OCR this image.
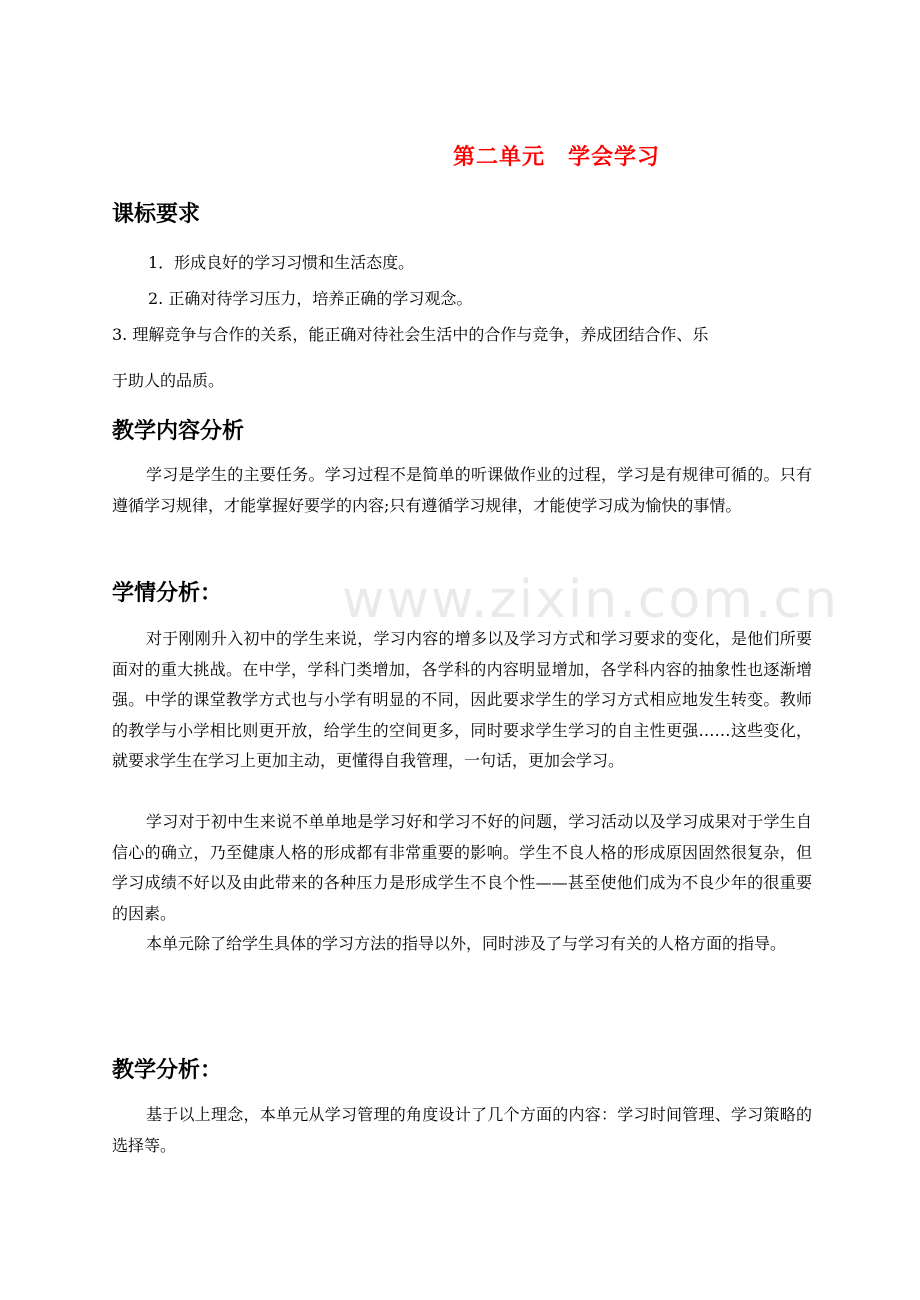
第二单元　学会学习
课标要求

1．形成良好的学习习惯和生活态度。

2. 正确对待学习压力，培养正确的学习观念。

3. 理解竞争与合作的关系，能正确对待社会生活中的合作与竞争，养成团结合作、乐

于助人的品质。

教学内容分析

学习是学生的主要任务。学习过程不是简单的听课做作业的过程，学习是有规律可循的。只有遵循学习规律，才能掌握好要学的内容;只有遵循学习规律，才能使学习成为愉快的事情。

学情分析： www.zixin.com.cn

对于刚刚升入初中的学生来说，学习内容的增多以及学习方式和学习要求的变化，是他们所要面对的重大挑战。在中学，学科门类增加，各学科的内容明显增加，各学科内容的抽象性也逐渐增强。中学的课堂教学方式也与小学有明显的不同，因此要求学生的学习方式相应地发生转变。教师的教学与小学相比则更开放，给学生的空间更多，同时要求学生学习的自主性更强……这些变化，就要求学生在学习上更加主动，更懂得自我管理，一句话，更加会学习。

学习对于初中生来说不单单地是学习好和学习不好的问题，学习活动以及学习成果对于学生自信心的确立，乃至健康人格的形成都有非常重要的影响。学生不良人格的形成原因固然很复杂，但学习成绩不好以及由此带来的各种压力是形成学生不良个性——甚至使他们成为不良少年的很重要的因素。

本单元除了给学生具体的学习方法的指导以外，同时涉及了与学习有关的人格方面的指导。

教学分析：

基于以上理念，本单元从学习管理的角度设计了几个方面的内容：学习时间管理、学习策略的选择等。
